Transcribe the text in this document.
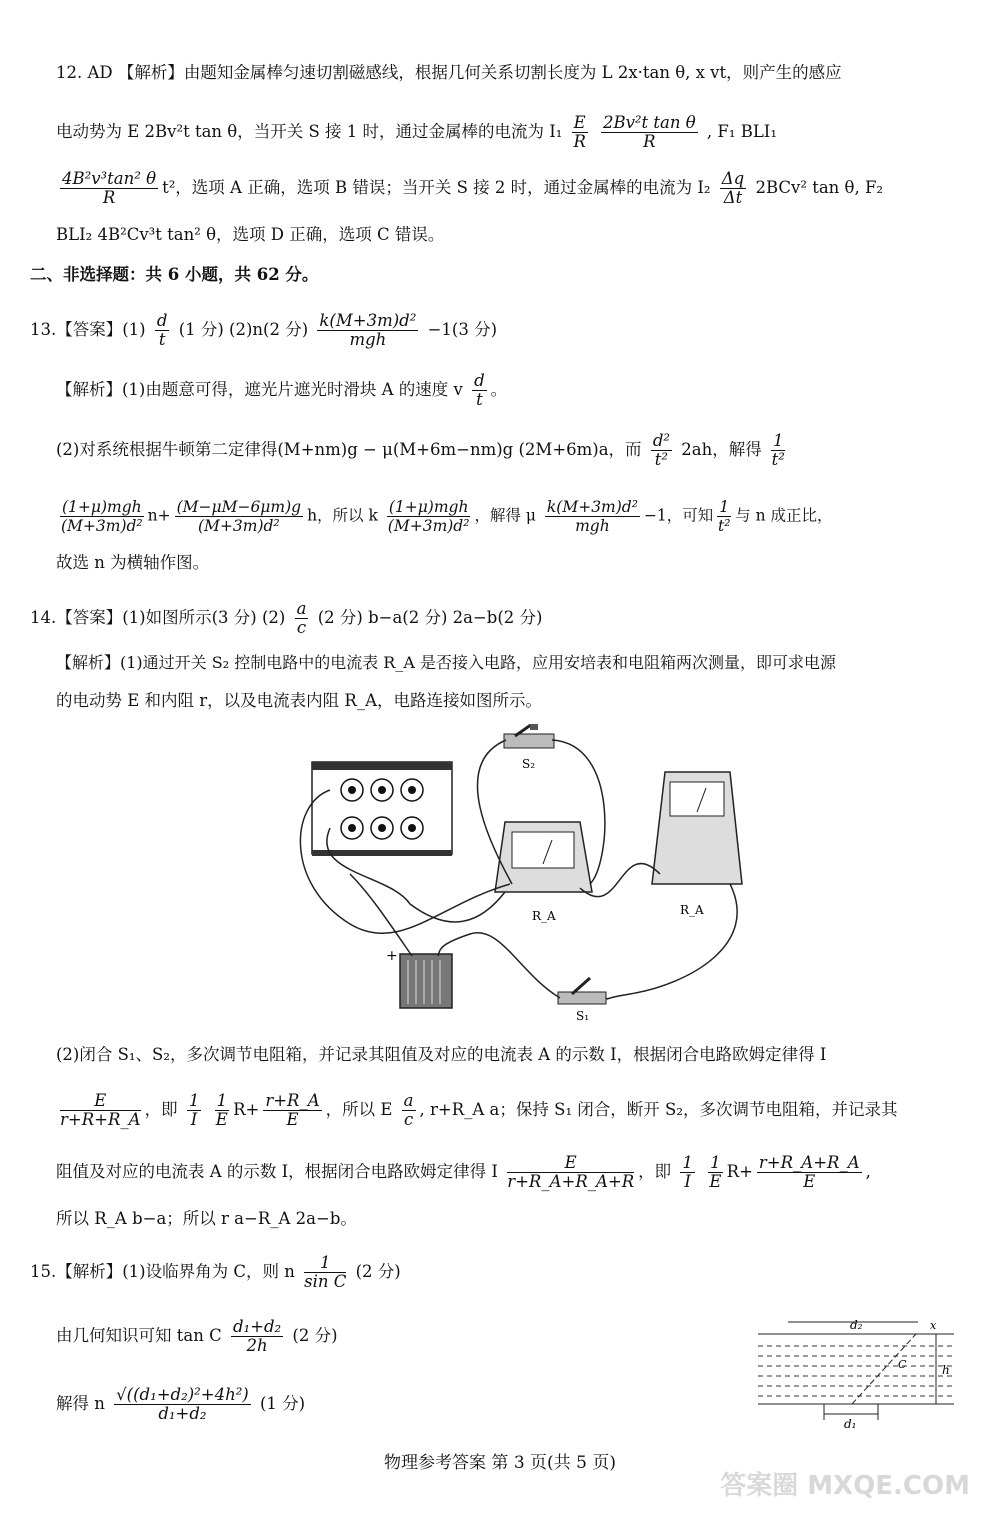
12. AD 【解析】由题知金属棒匀速切割磁感线，根据几何关系切割长度为 L 2x·tan θ, x vt，则产生的感应
电动势为 E 2Bv²t tan θ，当开关 S 接 1 时，通过金属棒的电流为 $I_1 \frac{E}{R}$
$\frac{\text{2Bv²t tan θ}}{R}$ , F₁ BLI₁
$\frac{\text{4B²v³tan² θ}}{R} t^2$，选项 A 正确，选项 B 错误；当开关 S 接 2 时，通过金属棒的电流为 $I_2 \frac{\Delta q}{\Delta t} 2BCv^2$ tan θ, F₂
BLI₂ 4B²Cv³t tan² θ，选项 D 正确，选项 C 错误。
二、非选择题：共 6 小题，共 62 分。
13.【答案】$(1) \frac{d}{t} (1$ 分) (2)n(2 分) $\frac{\text{k(M+3m)d²}}{\text{mgh}} -1(3$ 分)
【解析】(1)由题意可得，遮光片遮光时滑块 A 的速度 v $\frac{d}{t}$ 。
(2)对系统根据牛顿第二定律得(M+nm)g − μ(M+6m−nm)g (2M+6m)a，而 $\frac{\text{d²}}{\text{t²}} 2ah$，解得 $\frac{1}{\text{t²}}$
$\frac{\text{(1+μ)mgh}}{\text{(M+3m)d²}} n+ \frac{(M-\mu M-6\mu m)g}{\text{(M+3m)d²}}$ h，所以 k $\frac{\text{(1+μ)mgh}}{\text{(M+3m)d²}}$ ，解得 μ $\frac{\text{k(M+3m)d²}}{\text{mgh}} -1$，可知 $\frac{1}{\text{t²}}$ 与 n 成正比，
故选 n 为横轴作图。
14.【答案】(1)如图所示(3 分) $(2) \frac{a}{c} (2$ 分) b−a(2 分) 2a−b(2 分)
【解析】(1)通过开关 S₂ 控制电路中的电流表 R_A 是否接入电路，应用安培表和电阻箱两次测量，即可求电源
的电动势 E 和内阻 r，以及电流表内阻 R_A，电路连接如图所示。
S₂
R_A	R_A
+
S₁
(2)闭合 S₁、S₂，多次调节电阻箱，并记录其阻值及对应的电流表 A 的示数 I，根据闭合电路欧姆定律得 I
$\frac{E}{r+R+R\_A}$ ，即 $\frac{1}{I}$
$\frac{1}{E} R+ \frac{r+R\_A}{E}$ ，所以 E $\frac{a}{c}$ , r+R_A a；保持 S₁ 闭合，断开 S₂，多次调节电阻箱，并记录其
阻值及对应的电流表 A 的示数 I，根据闭合电路欧姆定律得 I $\frac{E}{r+R\_A+R\_A+R}$ ，即 $\frac{1}{I}$
$\frac{1}{E} R+ \frac{r+R\_A+R\_A}{E}$ ,
所以 R_A b−a；所以 r a−R_A 2a−b。
15.【解析】(1)设临界角为 C，则 n $\frac{1}{\text{sin C}} (2$ 分)
由几何知识可知 tan C $\frac{\text{d₁+d₂}}{2h} (2$ 分)
解得 n $\frac{\text{√((d₁+d₂)²+4h²)}}{\text{d₁+d₂}} (1$ 分)
d₂
d₁
C	h
x
物理参考答案 第 3 页(共 5 页)
答案圈 MXQE.COM
